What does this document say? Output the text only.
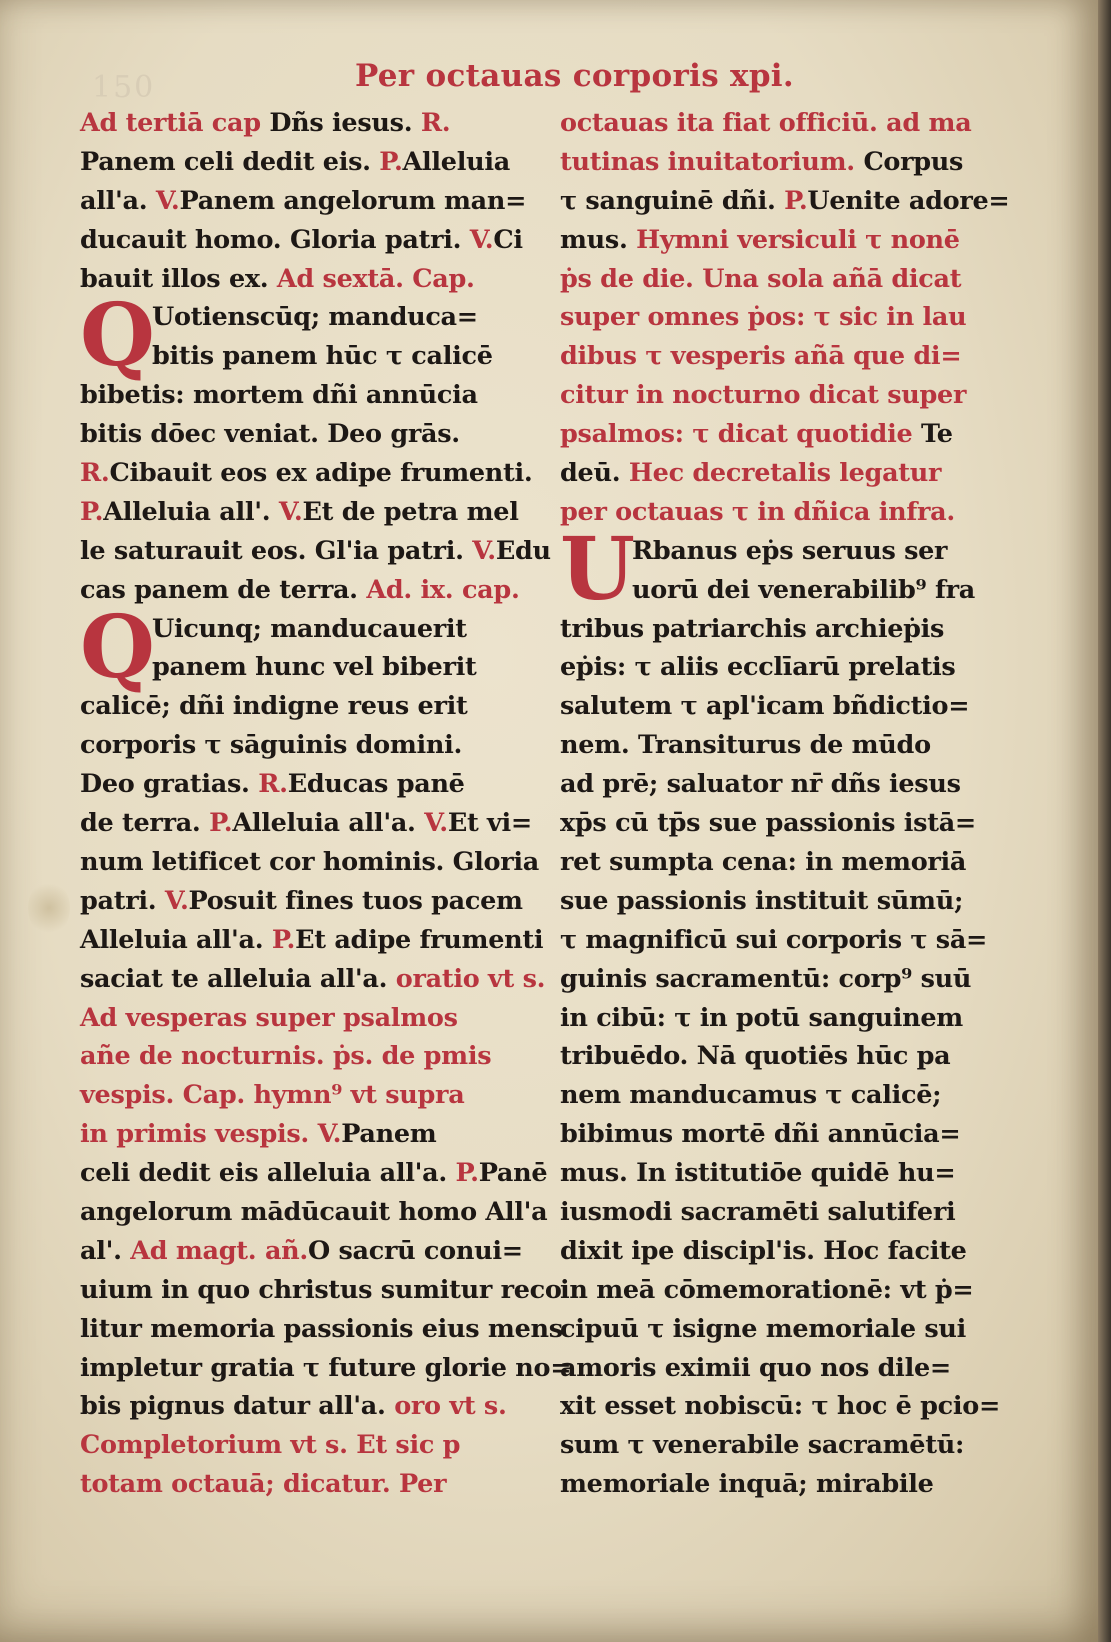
150	Per octauas corporis xpi.
Ad tertiā cap Dñs iesus. R.
Panem celi dedit eis. P.Alleluia
all'a. V.Panem angelorum man=
ducauit homo. Gloria patri. V.Ci
bauit illos ex. Ad sextā. Cap.
Q
Uotienscūq; manduca=
bitis panem hūc τ calicē
bibetis: mortem dñi annūcia
bitis dōec veniat. Deo grās.
R.Cibauit eos ex adipe frumenti.
P.Alleluia all'. V.Et de petra mel
le saturauit eos. Gl'ia patri. V.Edu
cas panem de terra. Ad. ix. cap.
Q
Uicunq; manducauerit
panem hunc vel biberit
calicē; dñi indigne reus erit
corporis τ sāguinis domini.
Deo gratias. R.Educas panē
de terra. P.Alleluia all'a. V.Et vi=
num letificet cor hominis. Gloria
patri. V.Posuit fines tuos pacem
Alleluia all'a. P.Et adipe frumenti
saciat te alleluia all'a. oratio vt s.
Ad vesperas super psalmos
añe de nocturnis. ṗs. de pmis
vespis. Cap. hymn⁹ vt supra
in primis vespis. V.Panem
celi dedit eis alleluia all'a. P.Panē
angelorum mādūcauit homo All'a
al'. Ad magt. añ.O sacrū conui=
uium in quo christus sumitur reco
litur memoria passionis eius mens
impletur gratia τ future glorie no=
bis pignus datur all'a. oro vt s.
Completorium vt s. Et sic p
totam octauā; dicatur. Per
octauas ita fiat officiū. ad ma
tutinas inuitatorium. Corpus
τ sanguinē dñi. P.Uenite adore=
mus. Hymni versiculi τ nonē
ṗs de die. Una sola añā dicat
super omnes ṗos: τ sic in lau
dibus τ vesperis añā que di=
citur in nocturno dicat super
psalmos: τ dicat quotidie Te
deū. Hec decretalis legatur
per octauas τ in dñica infra.
U
Rbanus eṗs seruus ser
uorū dei venerabilib⁹ fra
tribus patriarchis archieṗis
eṗis: τ aliis ecclīarū prelatis
salutem τ apl'icam bñdictio=
nem. Transiturus de mūdo
ad prē; saluator nr̄ dñs iesus
xp̄s cū tp̄s sue passionis istā=
ret sumpta cena: in memoriā
sue passionis instituit sūmū;
τ magnificū sui corporis τ sā=
guinis sacramentū: corp⁹ suū
in cibū: τ in potū sanguinem
tribuēdo. Nā quotiēs hūc pa
nem manducamus τ calicē;
bibimus mortē dñi annūcia=
mus. In istitutiōe quidē hu=
iusmodi sacramēti salutiferi
dixit ipe discipl'is. Hoc facite
in meā cōmemorationē: vt ṗ=
cipuū τ isigne memoriale sui
amoris eximii quo nos dile=
xit esset nobiscū: τ hoc ē pcio=
sum τ venerabile sacramētū:
memoriale inquā; mirabile
